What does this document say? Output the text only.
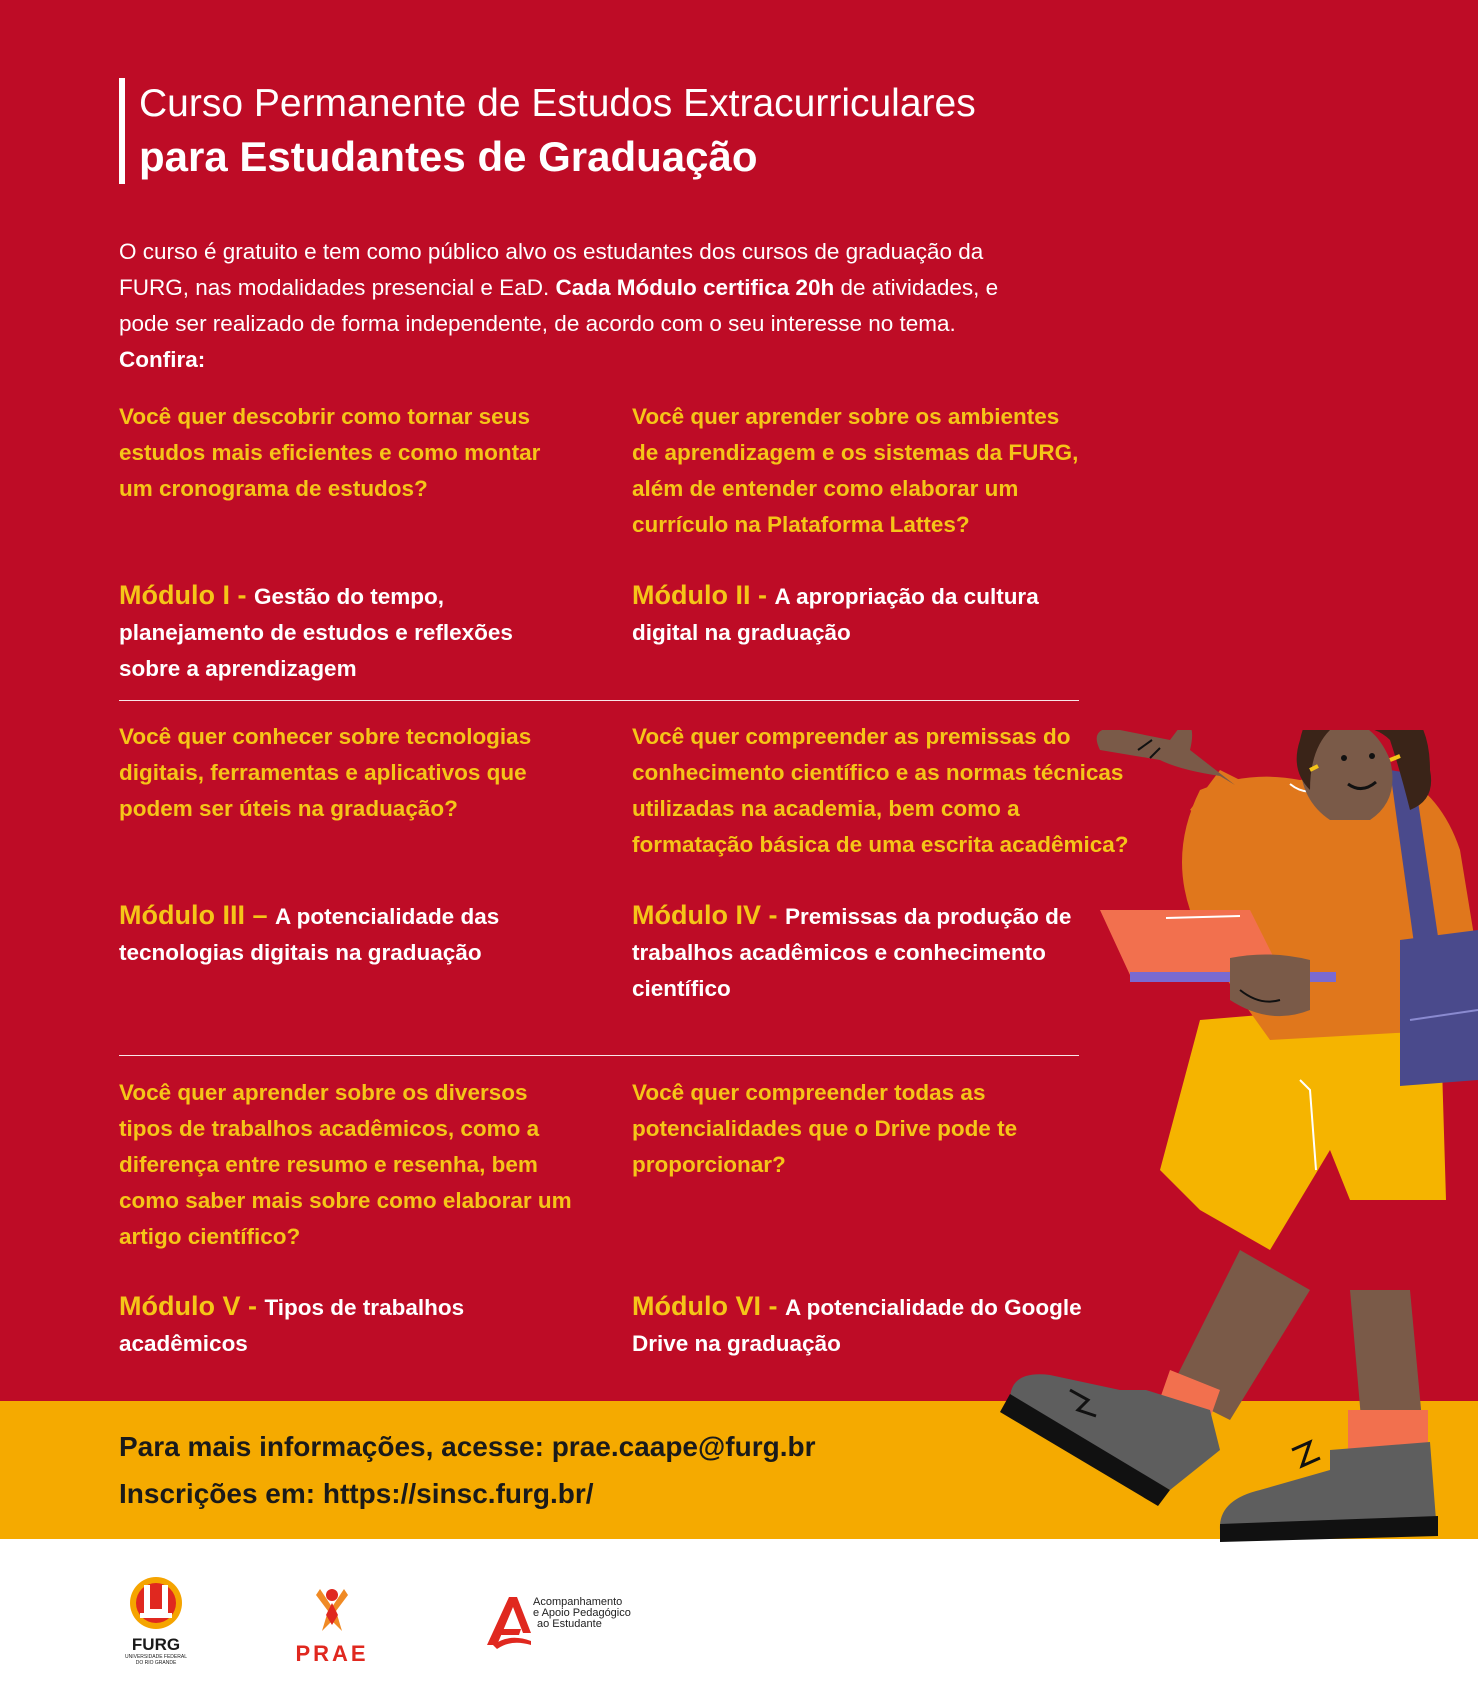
Curso Permanente de Estudos Extracurriculares
para Estudantes de Graduação
O curso é gratuito e tem como público alvo os estudantes dos cursos de graduação da FURG, nas modalidades presencial e EaD. Cada Módulo certifica 20h de atividades, e pode ser realizado de forma independente, de acordo com o seu interesse no tema. Confira:
Você quer descobrir como tornar seus estudos mais eficientes e como montar um cronograma de estudos?
Módulo I - Gestão do tempo, planejamento de estudos e reflexões sobre a aprendizagem
Você quer aprender sobre os ambientes de aprendizagem e os sistemas da FURG, além de entender como elaborar um currículo na Plataforma Lattes?
Módulo II - A apropriação da cultura digital na graduação
Você quer conhecer sobre tecnologias digitais, ferramentas e aplicativos que podem ser úteis na graduação?
Módulo III – A potencialidade das tecnologias digitais na graduação
Você quer compreender as premissas do conhecimento científico e as normas técnicas utilizadas na academia, bem como a formatação básica de uma escrita acadêmica?
Módulo IV - Premissas da produção de trabalhos acadêmicos e conhecimento científico
Você quer aprender sobre os diversos tipos de trabalhos acadêmicos, como a diferença entre resumo e resenha, bem como saber mais sobre como elaborar um artigo científico?
Módulo V - Tipos de trabalhos acadêmicos
Você quer compreender todas as potencialidades que o Drive pode te proporcionar?
Módulo VI - A potencialidade do Google Drive na graduação
Para mais informações, acesse: prae.caape@furg.br
Inscrições em: https://sinsc.furg.br/
FURG
UNIVERSIDADE FEDERAL
DO RIO GRANDE	PRAE
Acompanhamento
e Apoio Pedagógico
ao Estudante
